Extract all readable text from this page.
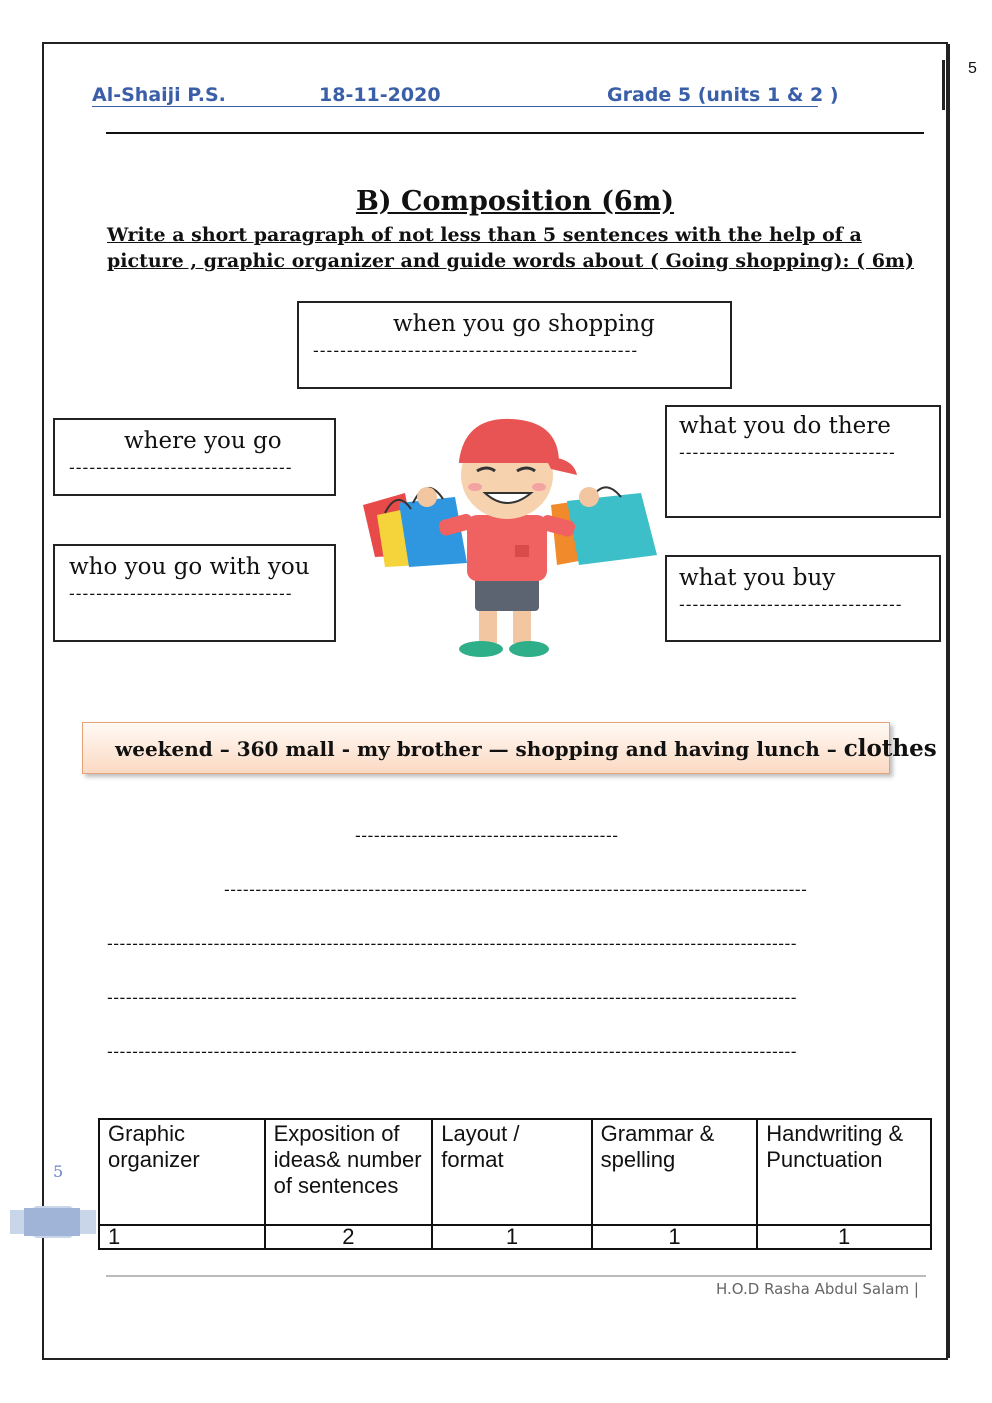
5
Al-Shaiji P.S.	18-11-2020	Grade 5 (units 1 & 2 )
B) Composition (6m)
Write a short paragraph of not less than 5 sentences with the help of a picture , graphic organizer and guide words about ( Going shopping): ( 6m)
when you go shopping
------------------------------------------------
where you go
---------------------------------
who you go with you
---------------------------------
what you do there
--------------------------------
what you buy
---------------------------------
weekend – 360 mall - my brother — shopping and having lunch – clothes
------------------------------------------
---------------------------------------------------------------------------------------------
--------------------------------------------------------------------------------------------------------------
--------------------------------------------------------------------------------------------------------------
--------------------------------------------------------------------------------------------------------------
Graphic organizer	Exposition of ideas& number of sentences	Layout / format	Grammar & spelling	Handwriting & Punctuation
1	2	1	1	1
5
H.O.D Rasha Abdul Salam |
